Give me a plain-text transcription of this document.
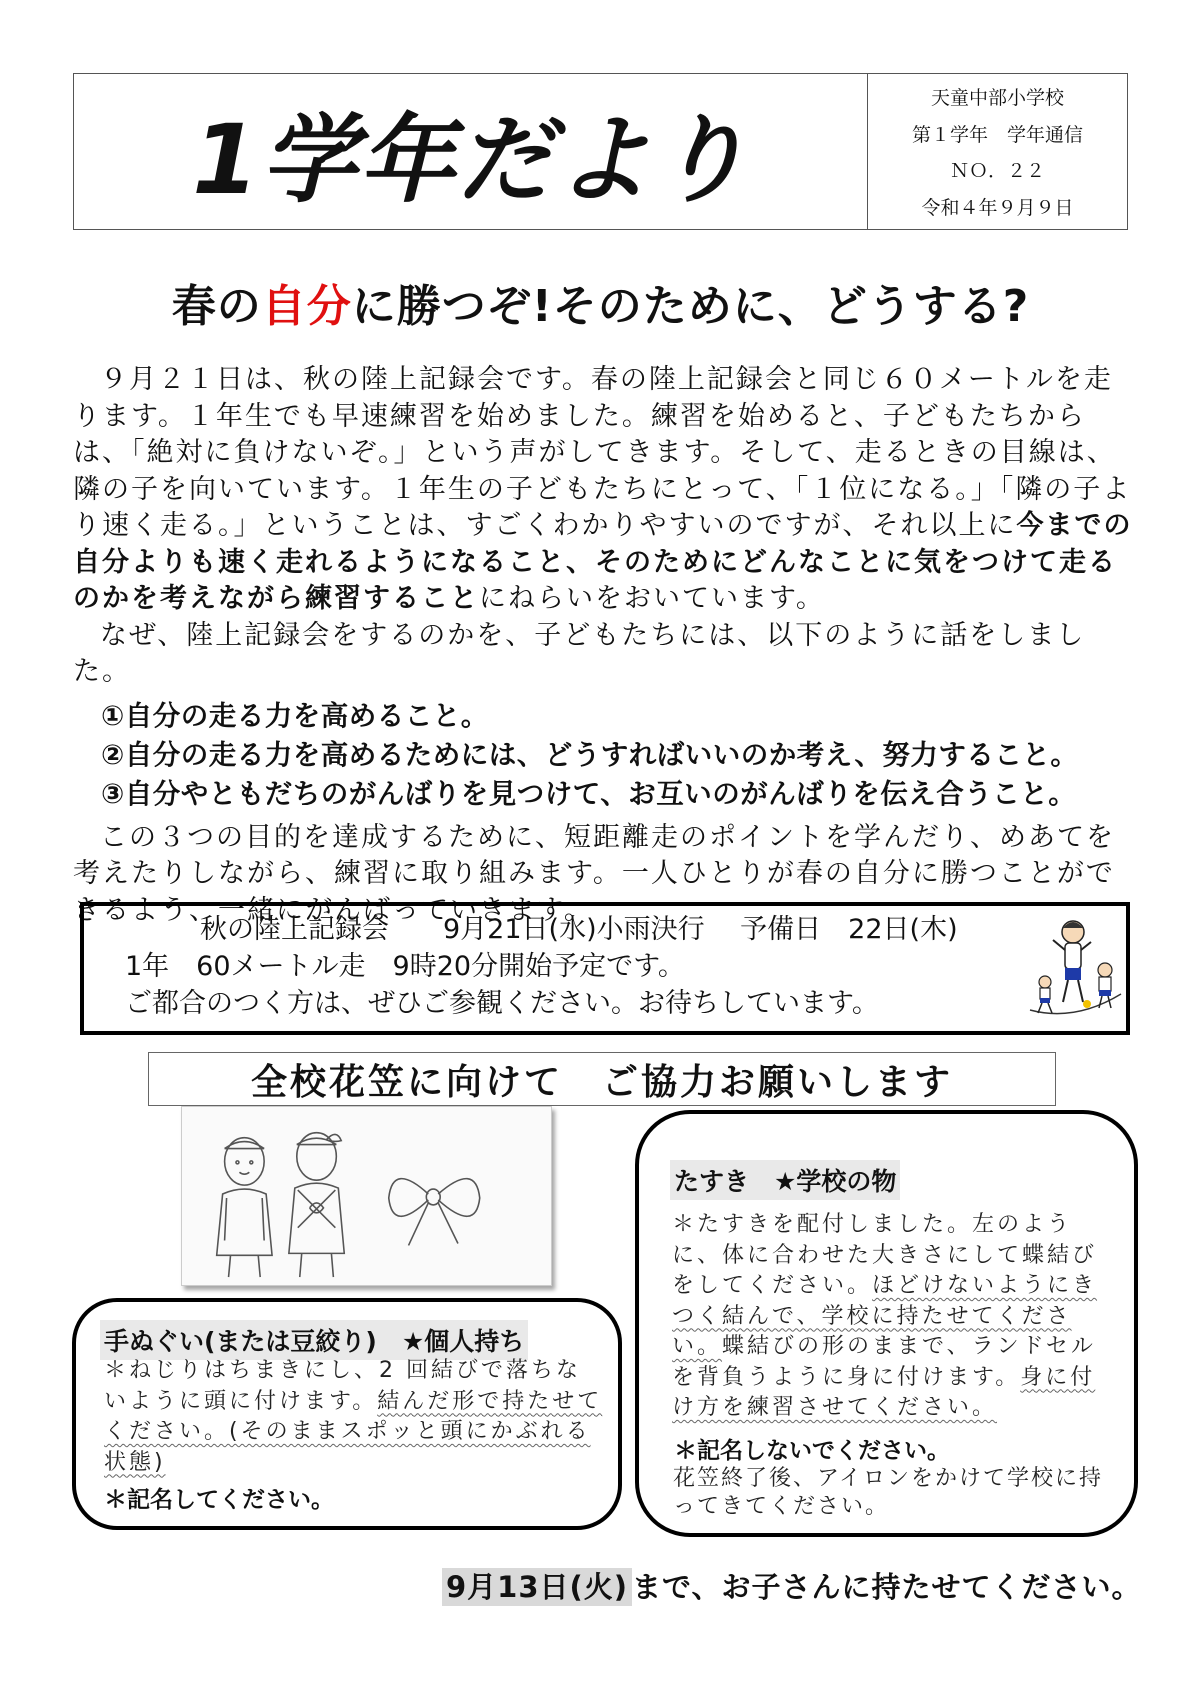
1学年だより
天童中部小学校
第１学年　学年通信
ＮＯ．２２
令和４年９月９日
春の自分に勝つぞ!そのために、どうする?

９月２１日は、秋の陸上記録会です。春の陸上記録会と同じ６０メートルを走ります。１年生でも早速練習を始めました。練習を始めると、子どもたちからは、「絶対に負けないぞ。」という声がしてきます。そして、走るときの目線は、隣の子を向いています。１年生の子どもたちにとって、「１位になる。」「隣の子より速く走る。」ということは、すごくわかりやすいのですが、それ以上に今までの自分よりも速く走れるようになること、そのためにどんなことに気をつけて走るのかを考えながら練習することにねらいをおいています。

なぜ、陸上記録会をするのかを、子どもたちには、以下のように話をしました。

①自分の走る力を高めること。
②自分の走る力を高めるためには、どうすればいいのか考え、努力すること。
③自分やともだちのがんばりを見つけて、お互いのがんばりを伝え合うこと。

この３つの目的を達成するために、短距離走のポイントを学んだり、めあてを考えたりしながら、練習に取り組みます。一人ひとりが春の自分に勝つことができるよう、一緒にがんばっていきます。

秋の陸上記録会　　9月21日(水)小雨決行　 予備日　22日(木)
1年　60メートル走　9時20分開始予定です。
ご都合のつく方は、ぜひご参観ください。お待ちしています。
全校花笠に向けて　ご協力お願いします
手ぬぐい(または豆絞り)　★個人持ち
＊ねじりはちまきにし、2 回結びで落ちないように頭に付けます。結んだ形で持たせてください。(そのままスポッと頭にかぶれる状態)
＊記名してください。
たすき　★学校の物
＊たすきを配付しました。左のように、体に合わせた大きさにして蝶結びをしてください。ほどけないようにきつく結んで、学校に持たせてください。蝶結びの形のままで、ランドセルを背負うように身に付けます。身に付け方を練習させてください。
＊記名しないでください。
花笠終了後、アイロンをかけて学校に持ってきてください。
9月13日(火) まで、お子さんに持たせてください。
